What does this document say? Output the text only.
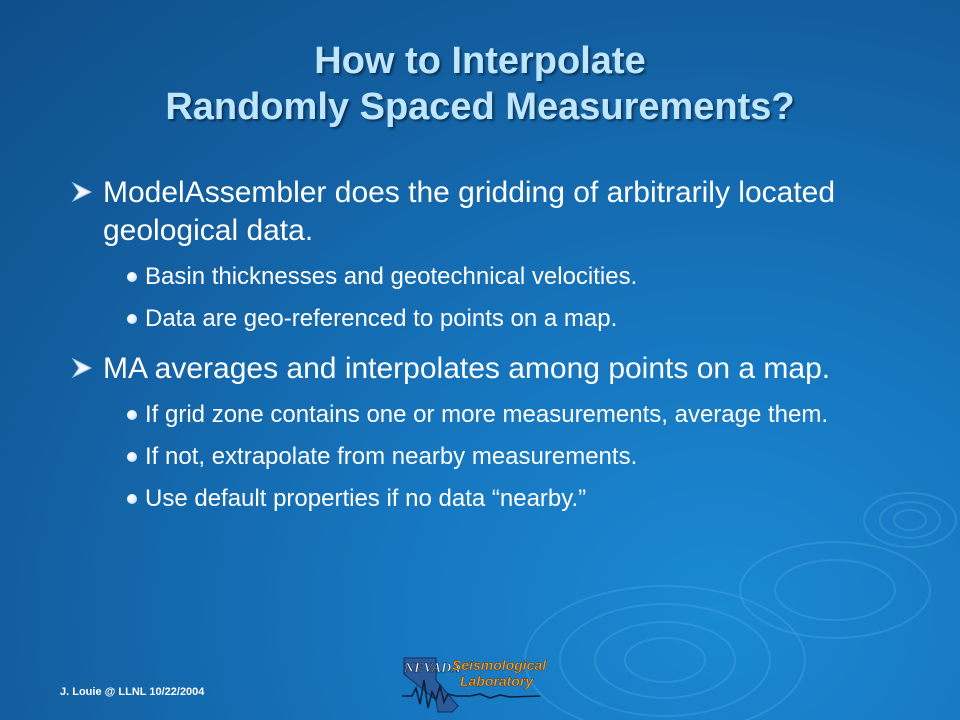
How to Interpolate
Randomly Spaced Measurements?
ModelAssembler does the gridding of arbitrarily located geological data.
Basin thicknesses and geotechnical velocities.
Data are geo-referenced to points on a map.
MA averages and interpolates among points on a map.
If grid zone contains one or more measurements, average them.
If not, extrapolate from nearby measurements.
Use default properties if no data “nearby.”
J. Louie @ LLNL 10/22/2004
NEVADA
Seismological
Laboratory
